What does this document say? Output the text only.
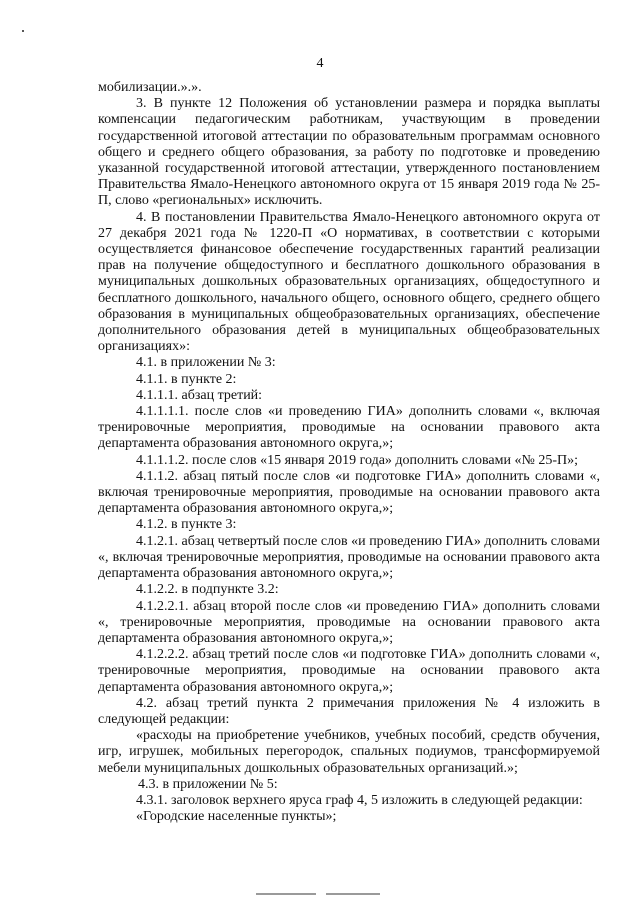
4

мобилизации.».».

3. В пункте 12 Положения об установлении размера и порядка выплаты компенсации педагогическим работникам, участвующим в проведении государственной итоговой аттестации по образовательным программам основного общего и среднего общего образования, за работу по подготовке и проведению указанной государственной итоговой аттестации, утвержденного постановлением Правительства Ямало-Ненецкого автономного округа от 15 января 2019 года № 25-П, слово «региональных» исключить.

4. В постановлении Правительства Ямало-Ненецкого автономного округа от 27 декабря 2021 года № 1220-П «О нормативах, в соответствии с которыми осуществляется финансовое обеспечение государственных гарантий реализации прав на получение общедоступного и бесплатного дошкольного образования в муниципальных дошкольных образовательных организациях, общедоступного и бесплатного дошкольного, начального общего, основного общего, среднего общего образования в муниципальных общеобразовательных организациях, обеспечение дополнительного образования детей в муниципальных общеобразовательных организациях»:

4.1. в приложении № 3:

4.1.1. в пункте 2:

4.1.1.1. абзац третий:

4.1.1.1.1. после слов «и проведению ГИА» дополнить словами «, включая тренировочные мероприятия, проводимые на основании правового акта департамента образования автономного округа,»;

4.1.1.1.2. после слов «15 января 2019 года» дополнить словами «№ 25-П»;

4.1.1.2. абзац пятый после слов «и подготовке ГИА» дополнить словами «, включая тренировочные мероприятия, проводимые на основании правового акта департамента образования автономного округа,»;

4.1.2. в пункте 3:

4.1.2.1. абзац четвертый после слов «и проведению ГИА» дополнить словами «, включая тренировочные мероприятия, проводимые на основании правового акта департамента образования автономного округа,»;

4.1.2.2. в подпункте 3.2:

4.1.2.2.1. абзац второй после слов «и проведению ГИА» дополнить словами «, тренировочные мероприятия, проводимые на основании правового акта департамента образования автономного округа,»;

4.1.2.2.2. абзац третий после слов «и подготовке ГИА» дополнить словами «, тренировочные мероприятия, проводимые на основании правового акта департамента образования автономного округа,»;

4.2. абзац третий пункта 2 примечания приложения № 4 изложить в следующей редакции:

«расходы на приобретение учебников, учебных пособий, средств обучения, игр, игрушек, мобильных перегородок, спальных подиумов, трансформируемой мебели муниципальных дошкольных образовательных организаций.»;

4.3. в приложении № 5:

4.3.1. заголовок верхнего яруса граф 4, 5 изложить в следующей редакции:

«Городские населенные пункты»;
